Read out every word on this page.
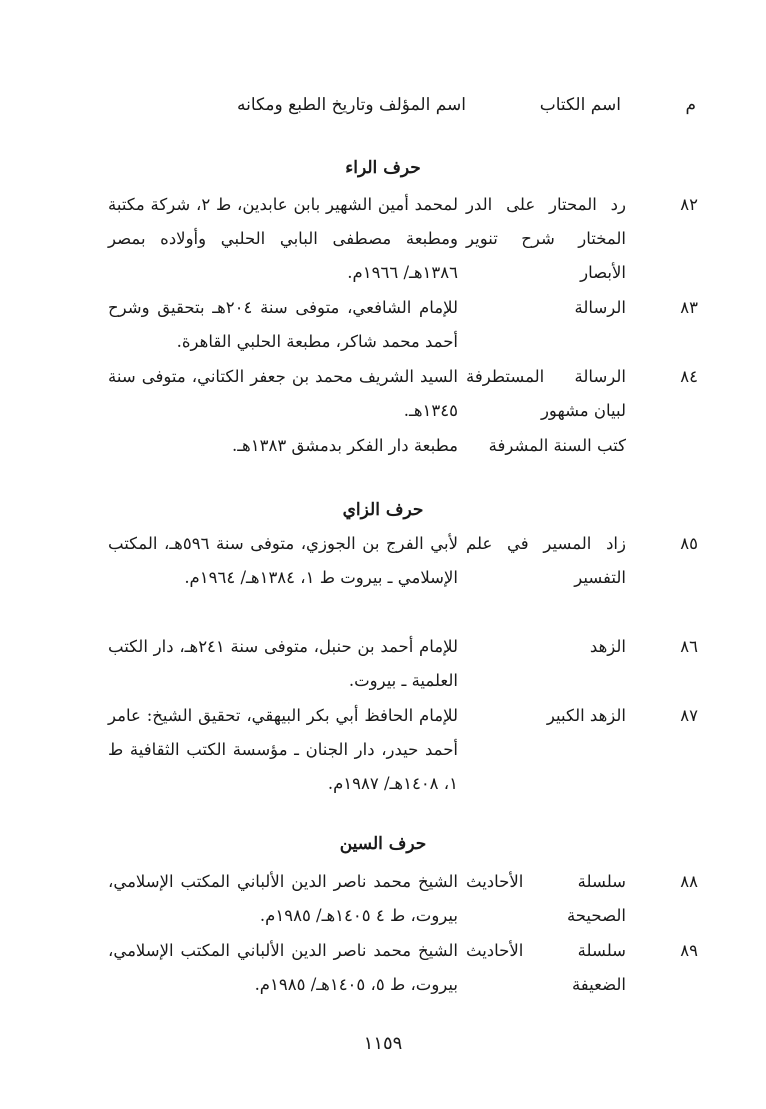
م
اسم الكتاب
اسم المؤلف وتاريخ الطبع ومكانه
حرف الراء
٨٢
رد المحتار على الدر المختار شرح تنوير الأبصار
لمحمد أمين الشهير بابن عابدين، ط ٢، شركة مكتبة ومطبعة مصطفى البابي الحلبي وأولاده بمصر ١٣٨٦هـ/ ١٩٦٦م.
٨٣
الرسالة
للإمام الشافعي، متوفى سنة ٢٠٤هـ بتحقيق وشرح أحمد محمد شاكر، مطبعة الحلبي القاهرة.
٨٤
الرسالة المستطرفة لبيان مشهور
السيد الشريف محمد بن جعفر الكتاني، متوفى سنة ١٣٤٥هـ.
كتب السنة المشرفة
مطبعة دار الفكر بدمشق ١٣٨٣هـ.
حرف الزاي
٨٥
زاد المسير في علم التفسير
لأبي الفرج بن الجوزي، متوفى سنة ٥٩٦هـ، المكتب الإسلامي ـ بيروت ط ١، ١٣٨٤هـ/ ١٩٦٤م.
٨٦
الزهد
للإمام أحمد بن حنبل، متوفى سنة ٢٤١هـ، دار الكتب العلمية ـ بيروت.
٨٧
الزهد الكبير
للإمام الحافظ أبي بكر البيهقي، تحقيق الشيخ: عامر أحمد حيدر، دار الجنان ـ مؤسسة الكتب الثقافية ط ١، ١٤٠٨هـ/ ١٩٨٧م.
حرف السين
٨٨
سلسلة الأحاديث الصحيحة
الشيخ محمد ناصر الدين الألباني المكتب الإسلامي، بيروت، ط ٤ ١٤٠٥هـ/ ١٩٨٥م.
٨٩
سلسلة الأحاديث الضعيفة
الشيخ محمد ناصر الدين الألباني المكتب الإسلامي، بيروت، ط ٥، ١٤٠٥هـ/ ١٩٨٥م.
١١٥٩
